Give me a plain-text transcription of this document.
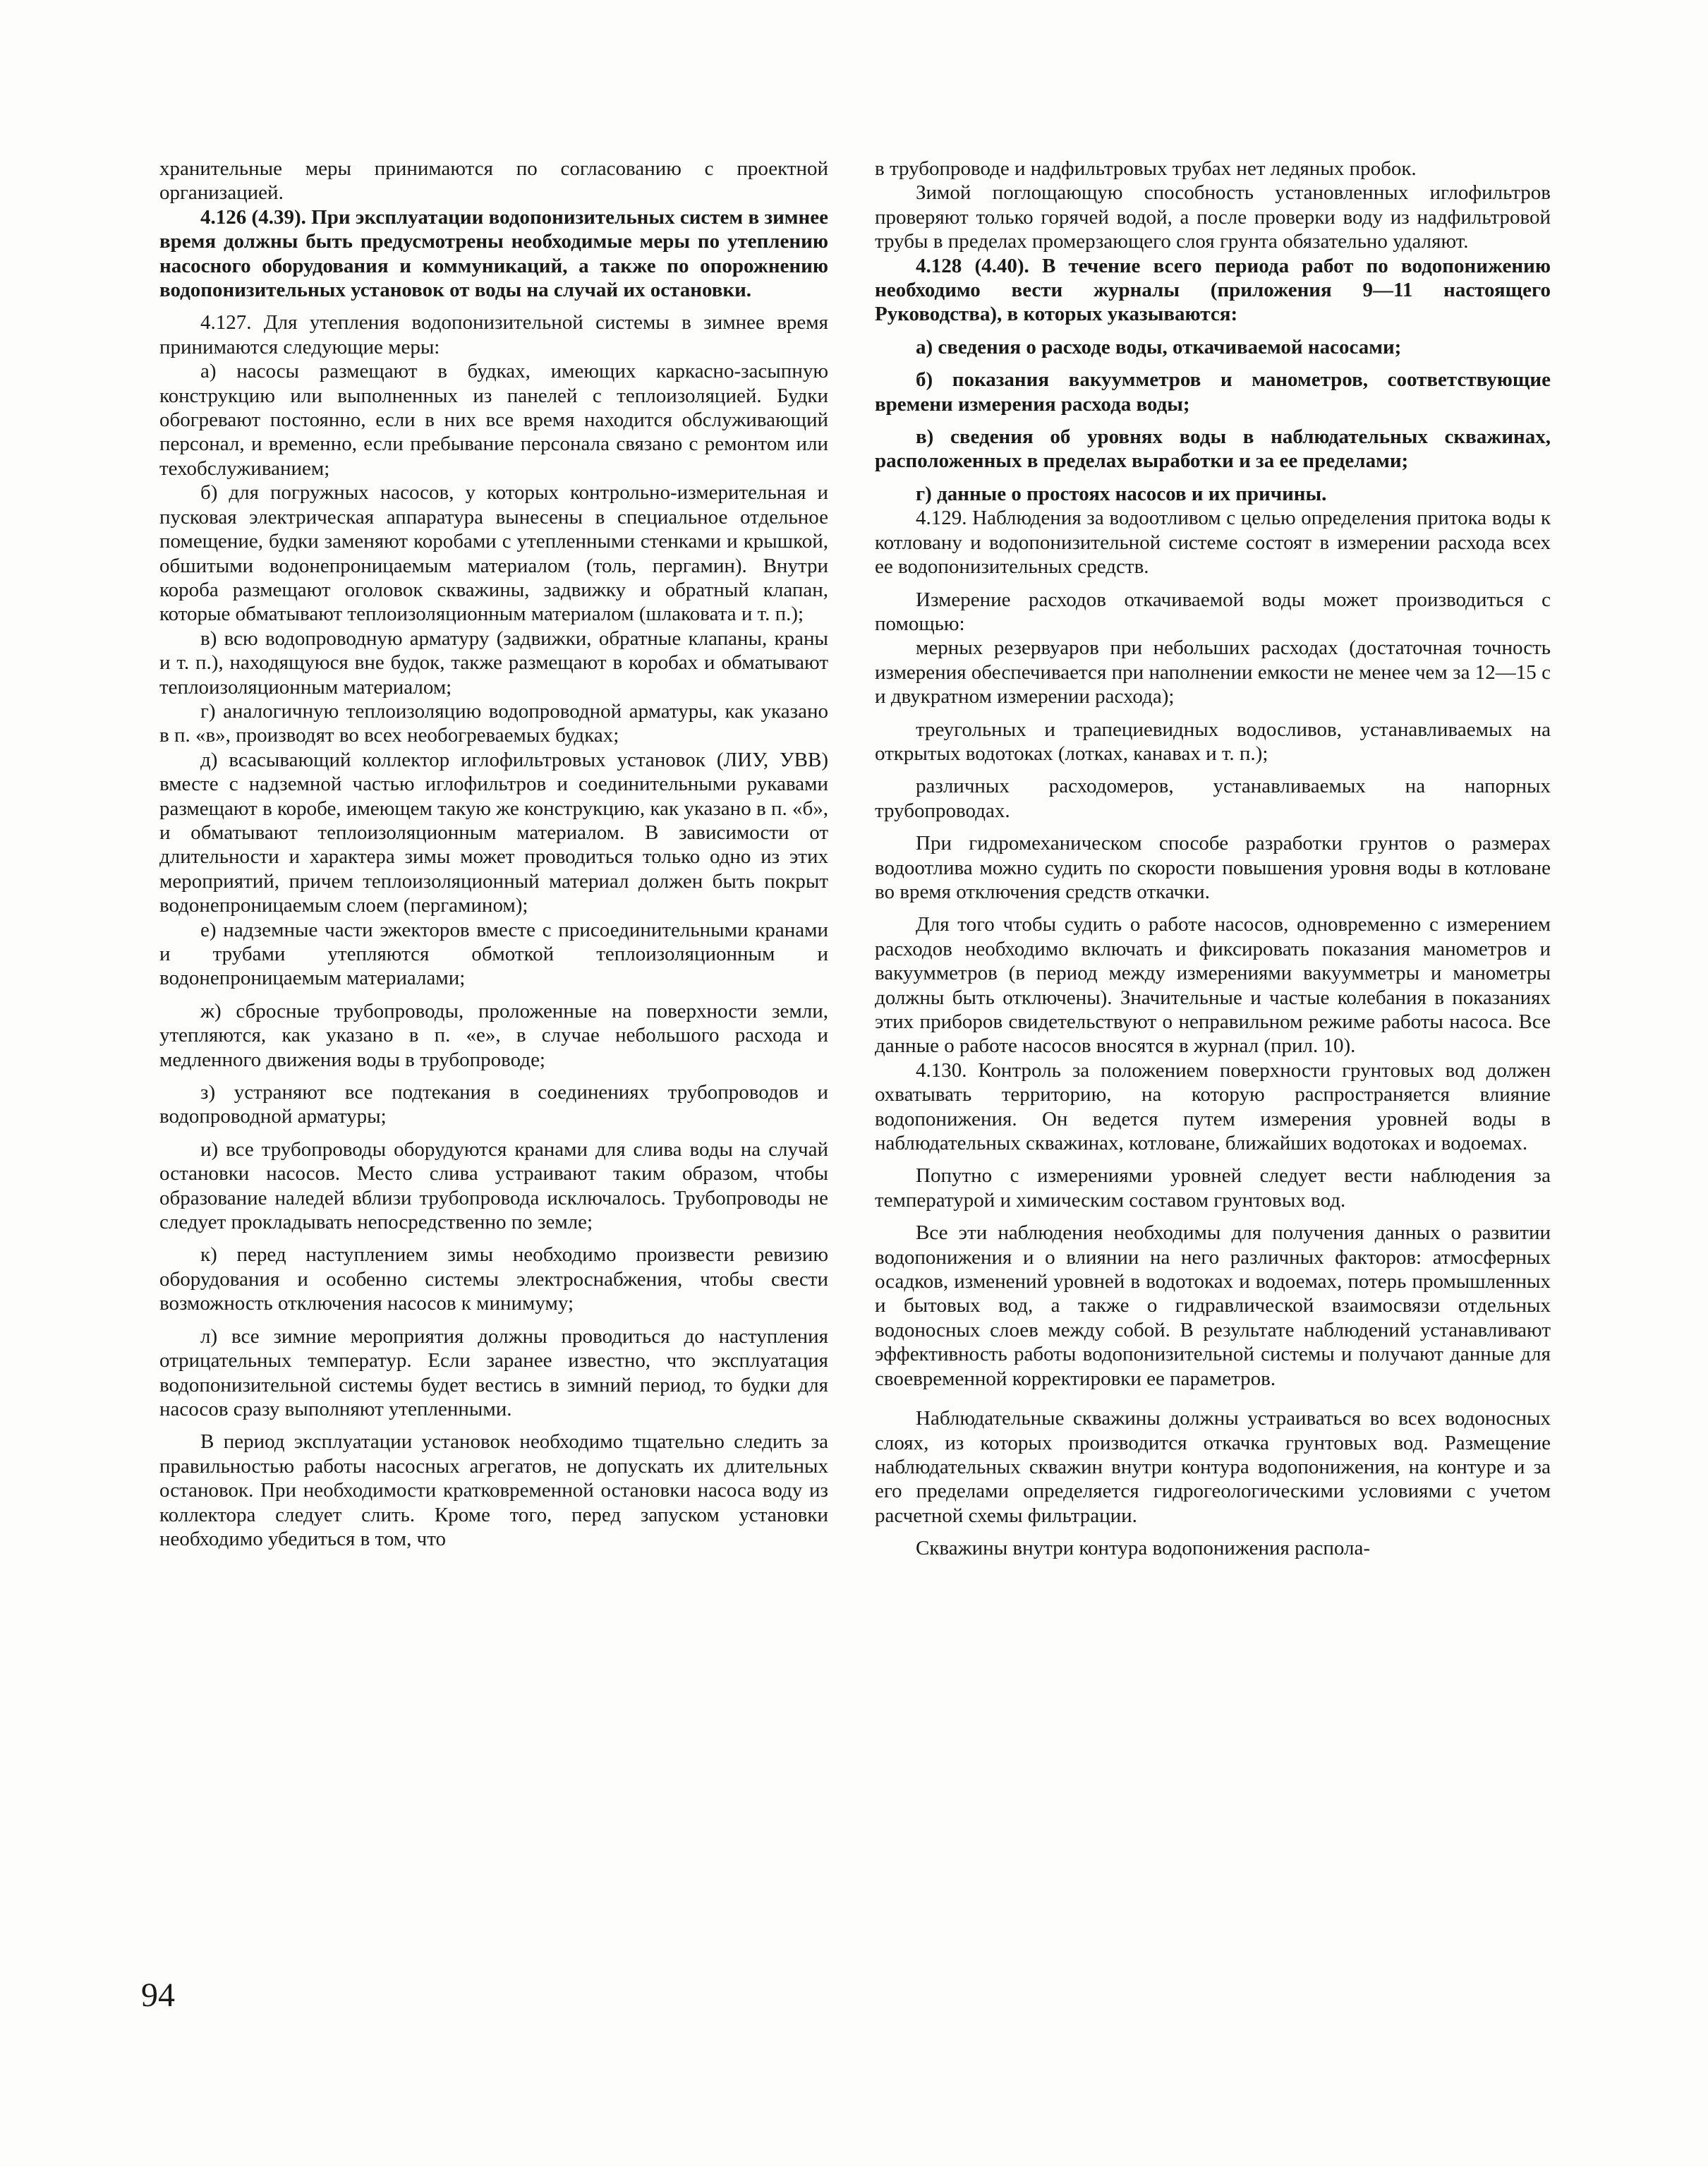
хранительные меры принимаются по согласованию с проектной организацией.

4.126 (4.39). При эксплуатации водопонизительных систем в зимнее время должны быть предусмотрены необходимые меры по утеплению насосного оборудования и коммуникаций, а также по опорожнению водопонизительных установок от воды на случай их остановки.

4.127. Для утепления водопонизительной системы в зимнее время принимаются следующие меры:

а) насосы размещают в будках, имеющих каркасно-засыпную конструкцию или выполненных из панелей с теплоизоляцией. Будки обогревают постоянно, если в них все время находится обслуживающий персонал, и временно, если пребывание персонала связано с ремонтом или техобслуживанием;

б) для погружных насосов, у которых контрольно-измерительная и пусковая электрическая аппаратура вынесены в специальное отдельное помещение, будки заменяют коробами с утепленными стенками и крышкой, обшитыми водонепроницаемым материалом (толь, пергамин). Внутри короба размещают оголовок скважины, задвижку и обратный клапан, которые обматывают теплоизоляционным материалом (шлаковата и т. п.);

в) всю водопроводную арматуру (задвижки, обратные клапаны, краны и т. п.), находящуюся вне будок, также размещают в коробах и обматывают теплоизоляционным материалом;

г) аналогичную теплоизоляцию водопроводной арматуры, как указано в п. «в», производят во всех необогреваемых будках;

д) всасывающий коллектор иглофильтровых установок (ЛИУ, УВВ) вместе с надземной частью иглофильтров и соединительными рукавами размещают в коробе, имеющем такую же конструкцию, как указано в п. «б», и обматывают теплоизоляционным материалом. В зависимости от длительности и характера зимы может проводиться только одно из этих мероприятий, причем теплоизоляционный материал должен быть покрыт водонепроницаемым слоем (пергамином);

е) надземные части эжекторов вместе с присоединительными кранами и трубами утепляются обмоткой теплоизоляционным и водонепроницаемым материалами;

ж) сбросные трубопроводы, проложенные на поверхности земли, утепляются, как указано в п. «е», в случае небольшого расхода и медленного движения воды в трубопроводе;

з) устраняют все подтекания в соединениях трубопроводов и водопроводной арматуры;

и) все трубопроводы оборудуются кранами для слива воды на случай остановки насосов. Место слива устраивают таким образом, чтобы образование наледей вблизи трубопровода исключалось. Трубопроводы не следует прокладывать непосредственно по земле;

к) перед наступлением зимы необходимо произвести ревизию оборудования и особенно системы электроснабжения, чтобы свести возможность отключения насосов к минимуму;

л) все зимние мероприятия должны проводиться до наступления отрицательных температур. Если заранее известно, что эксплуатация водопонизительной системы будет вестись в зимний период, то будки для насосов сразу выполняют утепленными.

В период эксплуатации установок необходимо тщательно следить за правильностью работы насосных агрегатов, не допускать их длительных остановок. При необходимости кратковременной остановки насоса воду из коллектора следует слить. Кроме того, перед запуском установки необходимо убедиться в том, что

в трубопроводе и надфильтровых трубах нет ледяных пробок.

Зимой поглощающую способность установленных иглофильтров проверяют только горячей водой, а после проверки воду из надфильтровой трубы в пределах промерзающего слоя грунта обязательно удаляют.

4.128 (4.40). В течение всего периода работ по водопонижению необходимо вести журналы (приложения 9—11 настоящего Руководства), в которых указываются:

а) сведения о расходе воды, откачиваемой насосами;

б) показания вакуумметров и манометров, соответствующие времени измерения расхода воды;

в) сведения об уровнях воды в наблюдательных скважинах, расположенных в пределах выработки и за ее пределами;

г) данные о простоях насосов и их причины.

4.129. Наблюдения за водоотливом с целью определения притока воды к котловану и водопонизительной системе состоят в измерении расхода всех ее водопонизительных средств.

Измерение расходов откачиваемой воды может производиться с помощью:

мерных резервуаров при небольших расходах (достаточная точность измерения обеспечивается при наполнении емкости не менее чем за 12—15 с и двукратном измерении расхода);

треугольных и трапециевидных водосливов, устанавливаемых на открытых водотоках (лотках, канавах и т. п.);

различных расходомеров, устанавливаемых на напорных трубопроводах.

При гидромеханическом способе разработки грунтов о размерах водоотлива можно судить по скорости повышения уровня воды в котловане во время отключения средств откачки.

Для того чтобы судить о работе насосов, одновременно с измерением расходов необходимо включать и фиксировать показания манометров и вакуумметров (в период между измерениями вакуумметры и манометры должны быть отключены). Значительные и частые колебания в показаниях этих приборов свидетельствуют о неправильном режиме работы насоса. Все данные о работе насосов вносятся в журнал (прил. 10).

4.130. Контроль за положением поверхности грунтовых вод должен охватывать территорию, на которую распространяется влияние водопонижения. Он ведется путем измерения уровней воды в наблюдательных скважинах, котловане, ближайших водотоках и водоемах.

Попутно с измерениями уровней следует вести наблюдения за температурой и химическим составом грунтовых вод.

Все эти наблюдения необходимы для получения данных о развитии водопонижения и о влиянии на него различных факторов: атмосферных осадков, изменений уровней в водотоках и водоемах, потерь промышленных и бытовых вод, а также о гидравлической взаимосвязи отдельных водоносных слоев между собой. В результате наблюдений устанавливают эффективность работы водопонизительной системы и получают данные для своевременной корректировки ее параметров.

Наблюдательные скважины должны устраиваться во всех водоносных слоях, из которых производится откачка грунтовых вод. Размещение наблюдательных скважин внутри контура водопонижения, на контуре и за его пределами определяется гидрогеологическими условиями с учетом расчетной схемы фильтрации.

Скважины внутри контура водопонижения распола-

94
